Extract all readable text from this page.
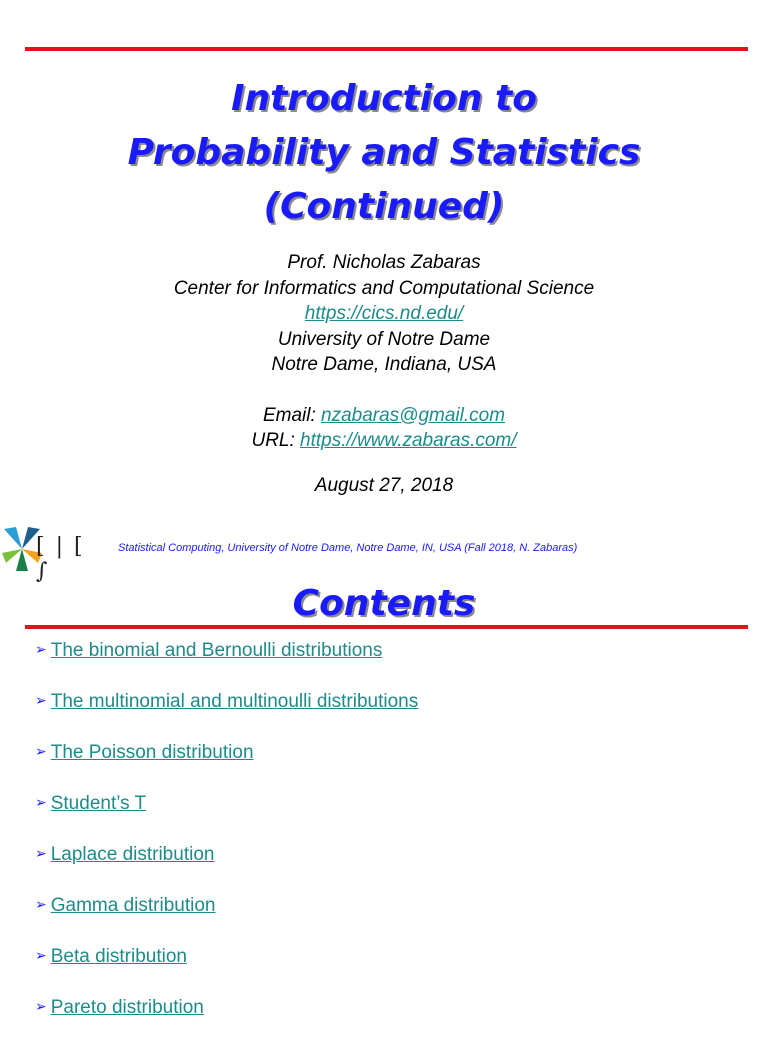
Introduction to
Probability and Statistics
(Continued)
Prof. Nicholas Zabaras
Center for Informatics and Computational Science
https://cics.nd.edu/
University of Notre Dame
Notre Dame, Indiana, USA
Email: nzabaras@gmail.com
URL: https://www.zabaras.com/
August 27, 2018
[ | [ ∫
Statistical Computing, University of Notre Dame, Notre Dame, IN, USA (Fall 2018, N. Zabaras)
Contents
➢ The binomial and Bernoulli distributions
➢ The multinomial and multinoulli distributions
➢ The Poisson distribution
➢ Student’s T
➢ Laplace distribution
➢ Gamma distribution
➢ Beta distribution
➢ Pareto distribution
